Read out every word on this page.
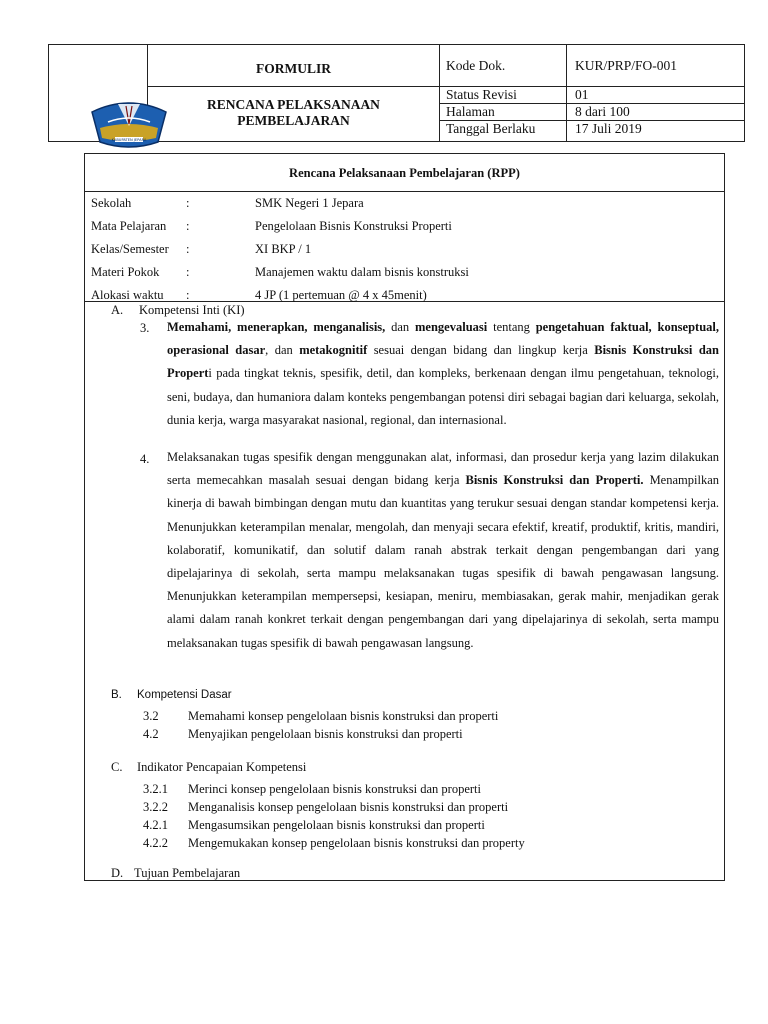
KABUPATEN JEPARA
FORMULIR
RENCANA PELAKSANAAN
PEMBELAJARAN
Kode Dok.	KUR/PRP/FO-001
Status Revisi	01
Halaman	8 dari 100
Tanggal Berlaku	17 Juli 2019
Rencana Pelaksanaan Pembelajaran (RPP)
Sekolah	:	SMK Negeri 1 Jepara
Mata Pelajaran :	Pengelolaan Bisnis Konstruksi Properti
Kelas/Semester :	XI BKP / 1
Materi Pokok :	Manajemen waktu dalam bisnis konstruksi
Alokasi waktu :	4 JP (1 pertemuan @ 4 x 45menit)
A. Kompetensi Inti (KI)
3. Memahami, menerapkan, menganalisis, dan mengevaluasi tentang pengetahuan faktual, konseptual, operasional dasar, dan metakognitif sesuai dengan bidang dan lingkup kerja Bisnis Konstruksi dan Properti pada tingkat teknis, spesifik, detil, dan kompleks, berkenaan dengan ilmu pengetahuan, teknologi, seni, budaya, dan humaniora dalam konteks pengembangan potensi diri sebagai bagian dari keluarga, sekolah, dunia kerja, warga masyarakat nasional, regional, dan internasional.
4. Melaksanakan tugas spesifik dengan menggunakan alat, informasi, dan prosedur kerja yang lazim dilakukan serta memecahkan masalah sesuai dengan bidang kerja Bisnis Konstruksi dan Properti. Menampilkan kinerja di bawah bimbingan dengan mutu dan kuantitas yang terukur sesuai dengan standar kompetensi kerja. Menunjukkan keterampilan menalar, mengolah, dan menyaji secara efektif, kreatif, produktif, kritis, mandiri, kolaboratif, komunikatif, dan solutif dalam ranah abstrak terkait dengan pengembangan dari yang dipelajarinya di sekolah, serta mampu melaksanakan tugas spesifik di bawah pengawasan langsung. Menunjukkan keterampilan mempersepsi, kesiapan, meniru, membiasakan, gerak mahir, menjadikan gerak alami dalam ranah konkret terkait dengan pengembangan dari yang dipelajarinya di sekolah, serta mampu melaksanakan tugas spesifik di bawah pengawasan langsung.
B. Kompetensi Dasar
3.2 Memahami konsep pengelolaan bisnis konstruksi dan properti
4.2 Menyajikan pengelolaan bisnis konstruksi dan properti
C. Indikator Pencapaian Kompetensi
3.2.1 Merinci konsep pengelolaan bisnis konstruksi dan properti
3.2.2 Menganalisis konsep pengelolaan bisnis konstruksi dan properti
4.2.1 Mengasumsikan pengelolaan bisnis konstruksi dan properti
4.2.2 Mengemukakan konsep pengelolaan bisnis konstruksi dan property
D. Tujuan Pembelajaran
